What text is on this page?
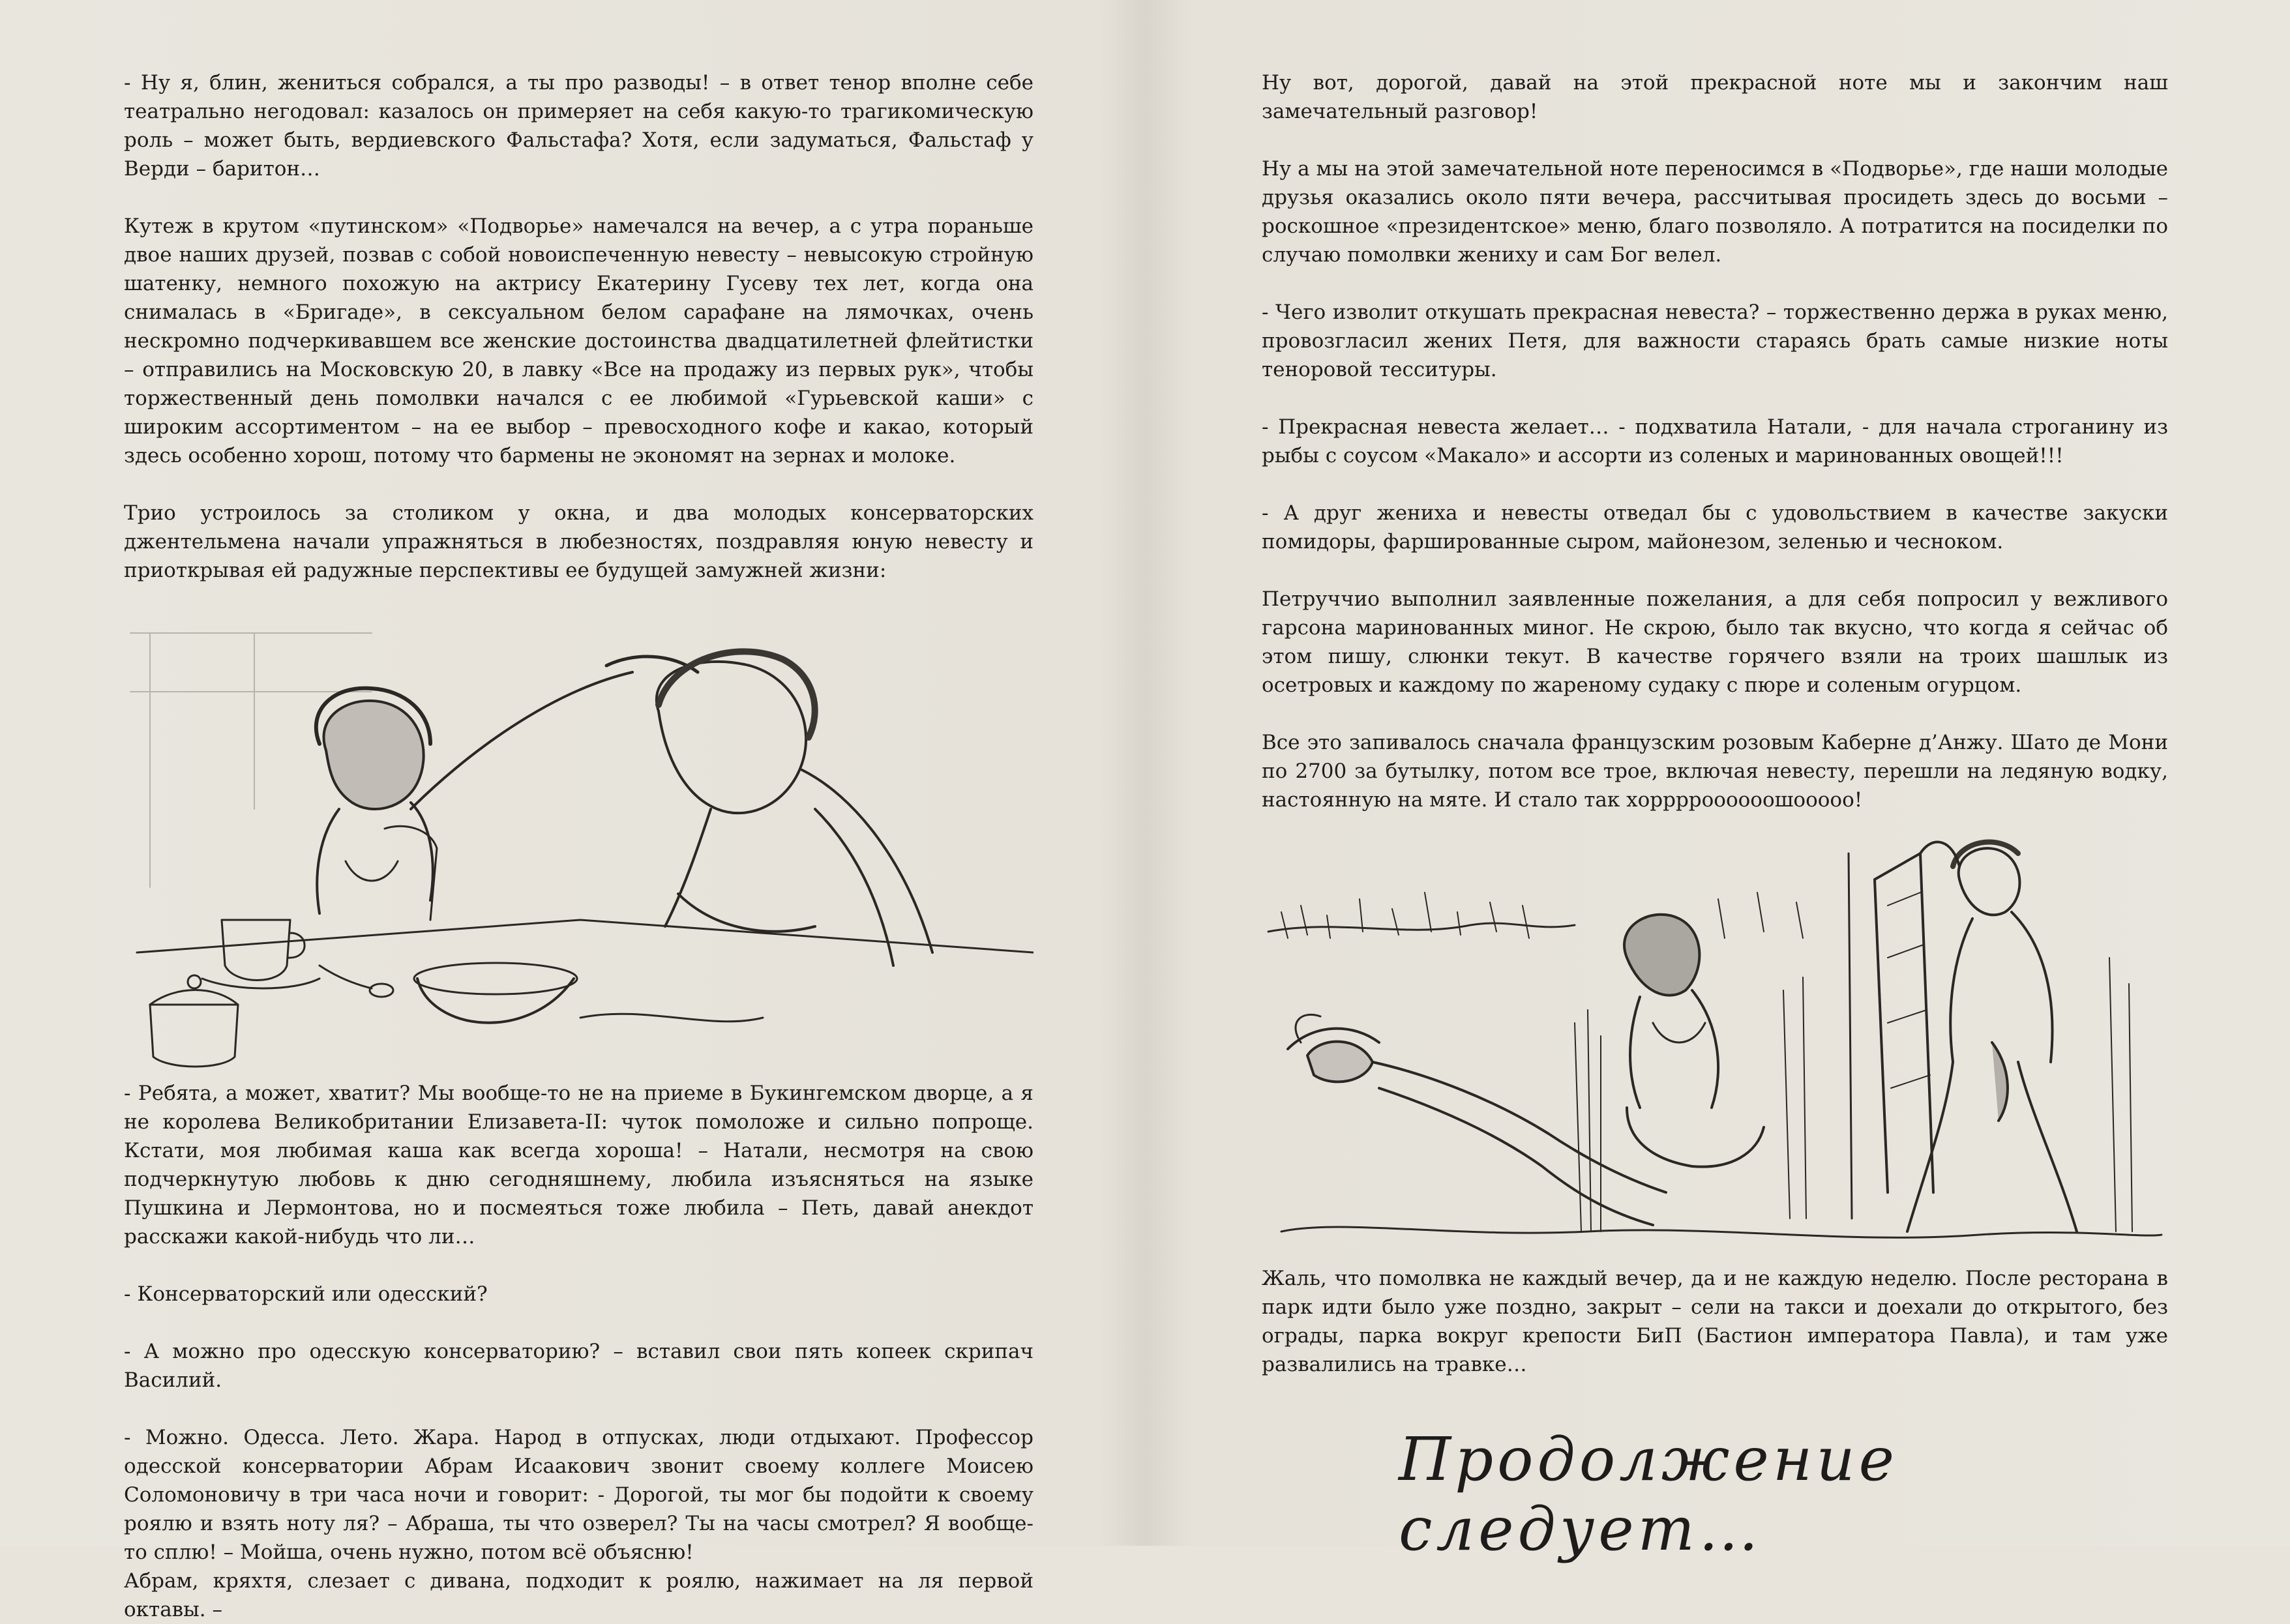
- Ну я, блин, жениться собрался, а ты про разводы! – в ответ тенор вполне себе театрально негодовал: казалось он примеряет на себя какую-то трагикомическую роль – может быть, вердиевского Фальстафа? Хотя, если задуматься, Фальстаф у Верди – баритон…

Кутеж в крутом «путинском» «Подворье» намечался на вечер, а с утра пораньше двое наших друзей, позвав с собой новоиспеченную невесту – невысокую стройную шатенку, немного похожую на актрису Екатерину Гусеву тех лет, когда она снималась в «Бригаде», в сексуальном белом сарафане на лямочках, очень нескромно подчеркивавшем все женские достоинства двадцатилетней флейтистки – отправились на Московскую 20, в лавку «Все на продажу из первых рук», чтобы торжественный день помолвки начался с ее любимой «Гурьевской каши» с широким ассортиментом – на ее выбор – превосходного кофе и какао, который здесь особенно хорош, потому что бармены не экономят на зернах и молоке.

Трио устроилось за столиком у окна, и два молодых консерваторских джентельмена начали упражняться в любезностях, поздравляя юную невесту и приоткрывая ей радужные перспективы ее будущей замужней жизни:

- Ребята, а может, хватит? Мы вообще-то не на приеме в Букингемском дворце, а я не королева Великобритании Елизавета-II: чуток помоложе и сильно попроще. Кстати, моя любимая каша как всегда хороша! – Натали, несмотря на свою подчеркнутую любовь к дню сегодняшнему, любила изъясняться на языке Пушкина и Лермонтова, но и посмеяться тоже любила – Петь, давай анекдот расскажи какой-нибудь что ли…

- Консерваторский или одесский?

- А можно про одесскую консерваторию? – вставил свои пять копеек скрипач Василий.

- Можно. Одесса. Лето. Жара. Народ в отпусках, люди отдыхают. Профессор одесской консерватории Абрам Исаакович звонит своему коллеге Моисею Соломоновичу в три часа ночи и говорит: - Дорогой, ты мог бы подойти к своему роялю и взять ноту ля? – Абраша, ты что озверел? Ты на часы смотрел? Я вообще-то сплю! – Мойша, очень нужно, потом всё объясню!
Абрам, кряхтя, слезает с дивана, подходит к роялю, нажимает на ля первой октавы. –

Ну вот, дорогой, давай на этой прекрасной ноте мы и закончим наш замечательный разговор!

Ну а мы на этой замечательной ноте переносимся в «Подворье», где наши молодые друзья оказались около пяти вечера, рассчитывая просидеть здесь до восьми – роскошное «президентское» меню, благо позволяло. А потратится на посиделки по случаю помолвки жениху и сам Бог велел.

- Чего изволит откушать прекрасная невеста? – торжественно держа в руках меню, провозгласил жених Петя, для важности стараясь брать самые низкие ноты теноровой тесситуры.

- Прекрасная невеста желает… - подхватила Натали, - для начала строганину из рыбы с соусом «Макало» и ассорти из соленых и маринованных овощей!!!

- А друг жениха и невесты отведал бы с удовольствием в качестве закуски помидоры, фаршированные сыром, майонезом, зеленью и чесноком.

Петруччио выполнил заявленные пожелания, а для себя попросил у вежливого гарсона маринованных миног. Не скрою, было так вкусно, что когда я сейчас об этом пишу, слюнки текут. В качестве горячего взяли на троих шашлык из осетровых и каждому по жареному судаку с пюре и соленым огурцом.

Все это запивалось сначала французским розовым Каберне д’Анжу. Шато де Мони по 2700 за бутылку, потом все трое, включая невесту, перешли на ледяную водку, настоянную на мяте. И стало так хорррроооооошооооо!

Жаль, что помолвка не каждый вечер, да и не каждую неделю. После ресторана в парк идти было уже поздно, закрыт – сели на такси и доехали до открытого, без ограды, парка вокруг крепости БиП (Бастион императора Павла), и там уже развалились на травке…

Продолжение следует…
